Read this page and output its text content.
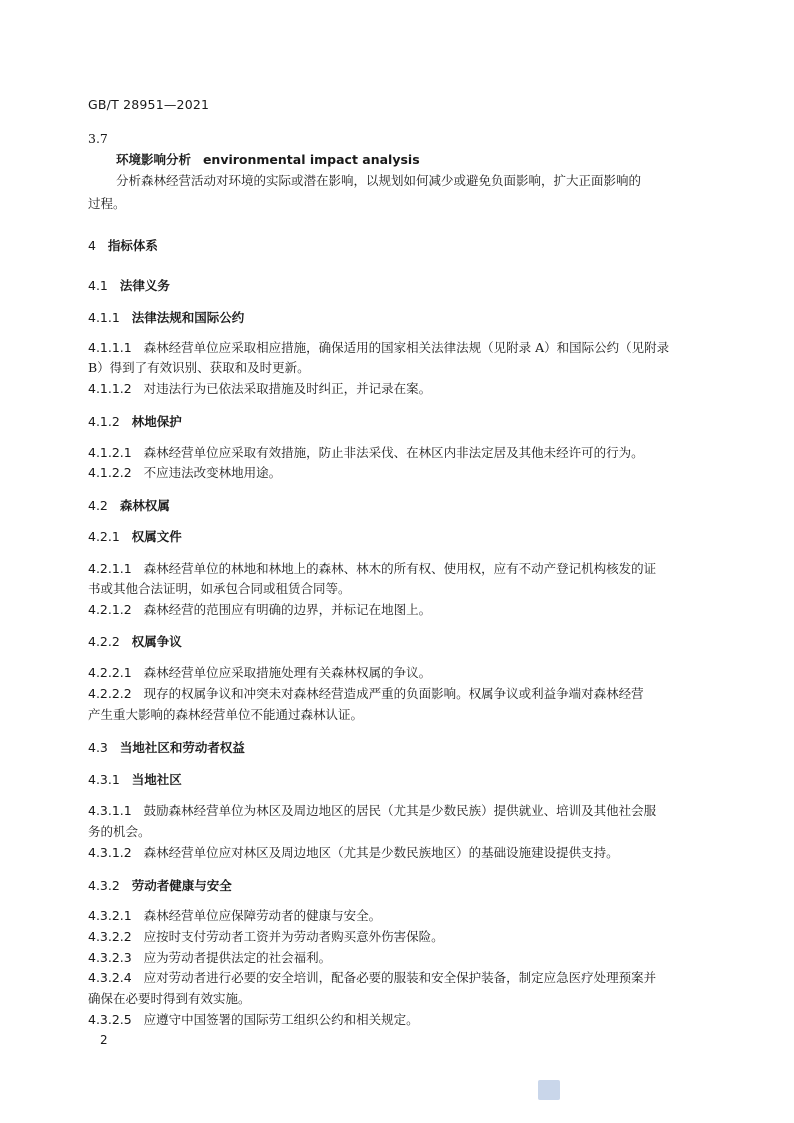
GB/T 28951—2021
3.7
环境影响分析 environmental impact analysis
分析森林经营活动对环境的实际或潜在影响，以规划如何减少或避免负面影响，扩大正面影响的
过程。
4 指标体系
4.1 法律义务
4.1.1 法律法规和国际公约
4.1.1.1 森林经营单位应采取相应措施，确保适用的国家相关法律法规（见附录 A）和国际公约（见附录
B）得到了有效识别、获取和及时更新。
4.1.1.2 对违法行为已依法采取措施及时纠正，并记录在案。
4.1.2 林地保护
4.1.2.1 森林经营单位应采取有效措施，防止非法采伐、在林区内非法定居及其他未经许可的行为。
4.1.2.2 不应违法改变林地用途。
4.2 森林权属
4.2.1 权属文件
4.2.1.1 森林经营单位的林地和林地上的森林、林木的所有权、使用权，应有不动产登记机构核发的证
书或其他合法证明，如承包合同或租赁合同等。
4.2.1.2 森林经营的范围应有明确的边界，并标记在地图上。
4.2.2 权属争议
4.2.2.1 森林经营单位应采取措施处理有关森林权属的争议。
4.2.2.2 现存的权属争议和冲突未对森林经营造成严重的负面影响。权属争议或利益争端对森林经营
产生重大影响的森林经营单位不能通过森林认证。
4.3 当地社区和劳动者权益
4.3.1 当地社区
4.3.1.1 鼓励森林经营单位为林区及周边地区的居民（尤其是少数民族）提供就业、培训及其他社会服
务的机会。
4.3.1.2 森林经营单位应对林区及周边地区（尤其是少数民族地区）的基础设施建设提供支持。
4.3.2 劳动者健康与安全
4.3.2.1 森林经营单位应保障劳动者的健康与安全。
4.3.2.2 应按时支付劳动者工资并为劳动者购买意外伤害保险。
4.3.2.3 应为劳动者提供法定的社会福利。
4.3.2.4 应对劳动者进行必要的安全培训，配备必要的服装和安全保护装备，制定应急医疗处理预案并
确保在必要时得到有效实施。
4.3.2.5 应遵守中国签署的国际劳工组织公约和相关规定。
2
